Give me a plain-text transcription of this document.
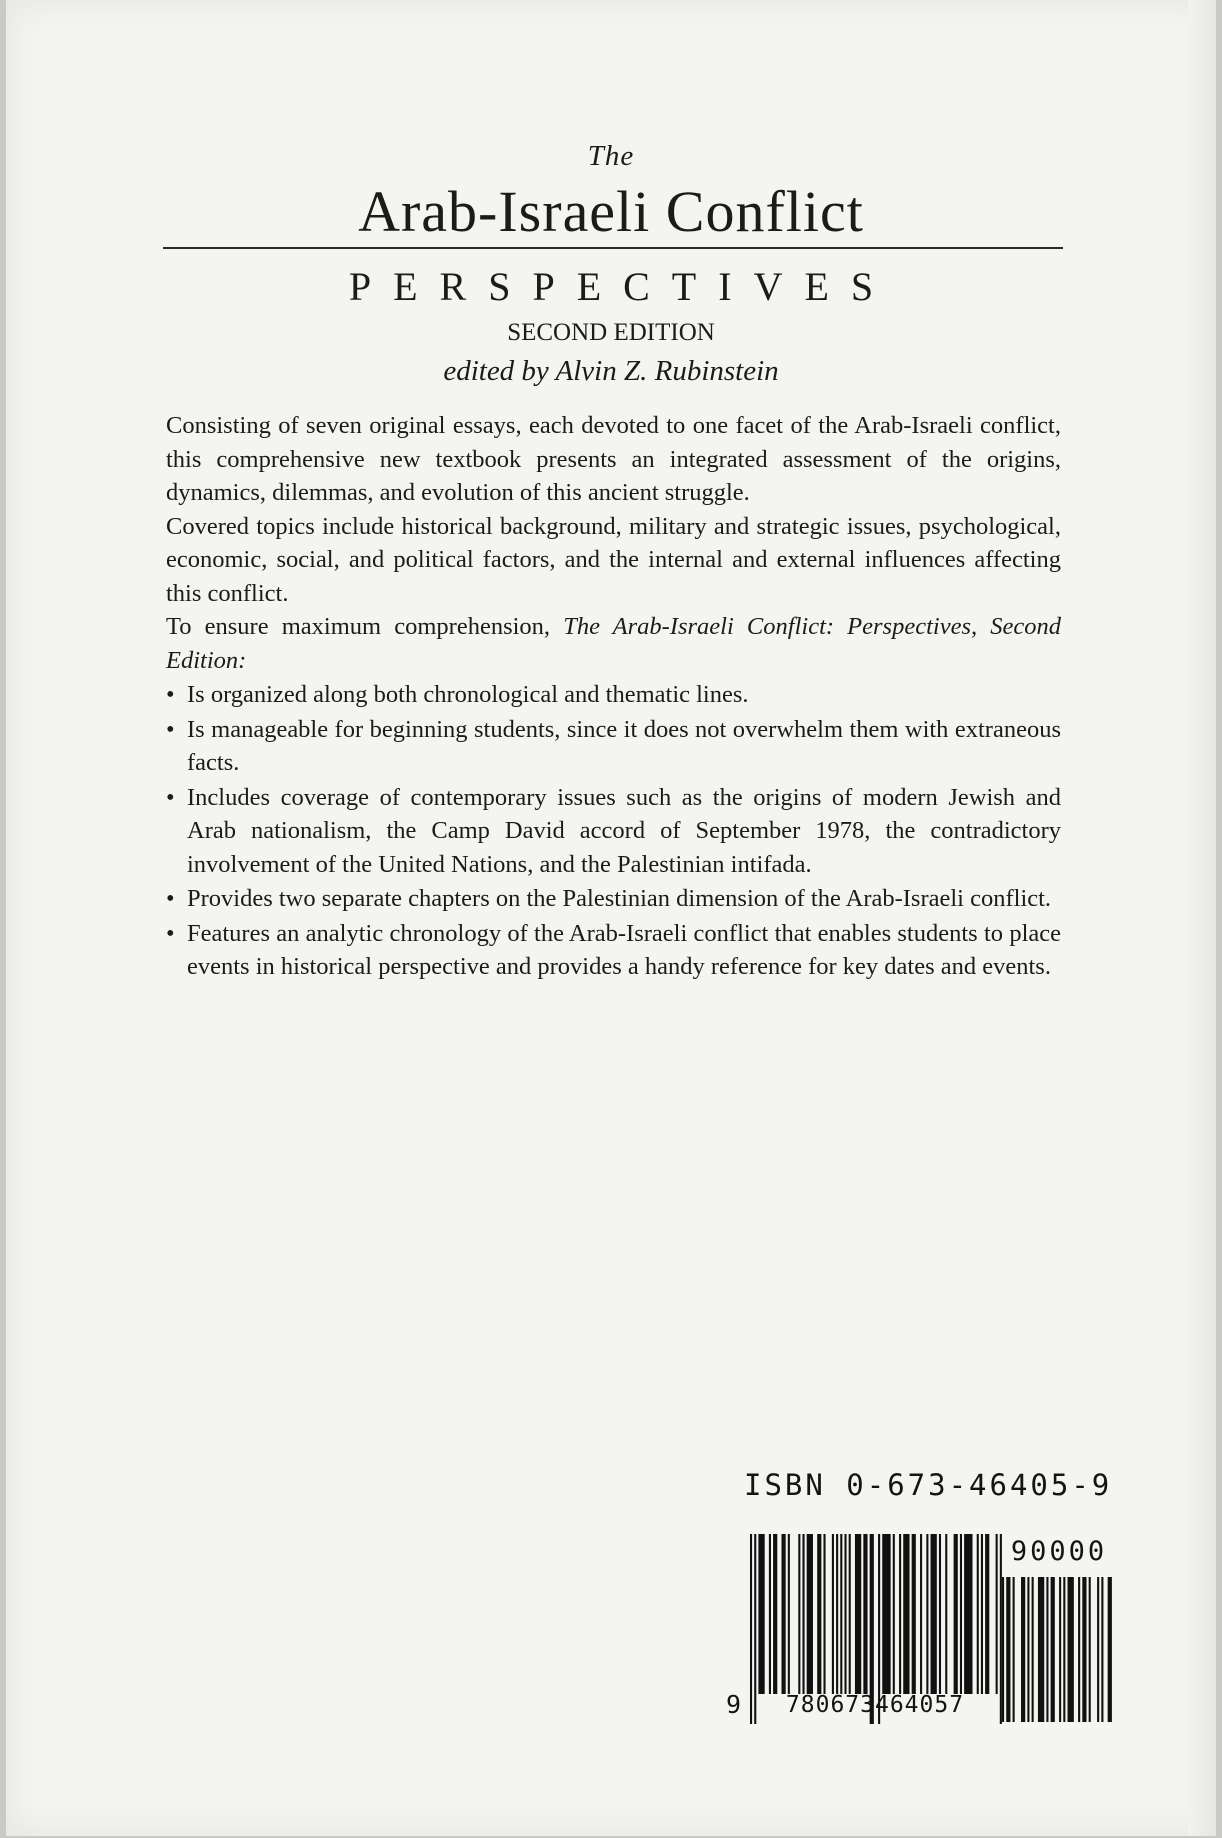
The
Arab-Israeli Conflict
PERSPECTIVES
SECOND EDITION
edited by Alvin Z. Rubinstein

Consisting of seven original essays, each devoted to one facet of the Arab-Israeli conflict, this comprehensive new textbook presents an integrated assessment of the origins, dynamics, dilemmas, and evolution of this ancient struggle.

Covered topics include historical background, military and strategic issues, psychological, economic, social, and political factors, and the internal and external influences affecting this conflict.

To ensure maximum comprehension, The Arab-Israeli Conflict: Perspectives, Second Edition:

• Is organized along both chronological and thematic lines.
• Is manageable for beginning students, since it does not overwhelm them with extraneous facts.
• Includes coverage of contemporary issues such as the origins of modern Jewish and Arab nationalism, the Camp David accord of September 1978, the contradictory involvement of the United Nations, and the Palestinian intifada.
• Provides two separate chapters on the Palestinian dimension of the Arab-Israeli conflict.
• Features an analytic chronology of the Arab-Israeli conflict that enables students to place events in historical perspective and provides a handy reference for key dates and events.
ISBN 0-673-46405-9
90000
9	780673464057
